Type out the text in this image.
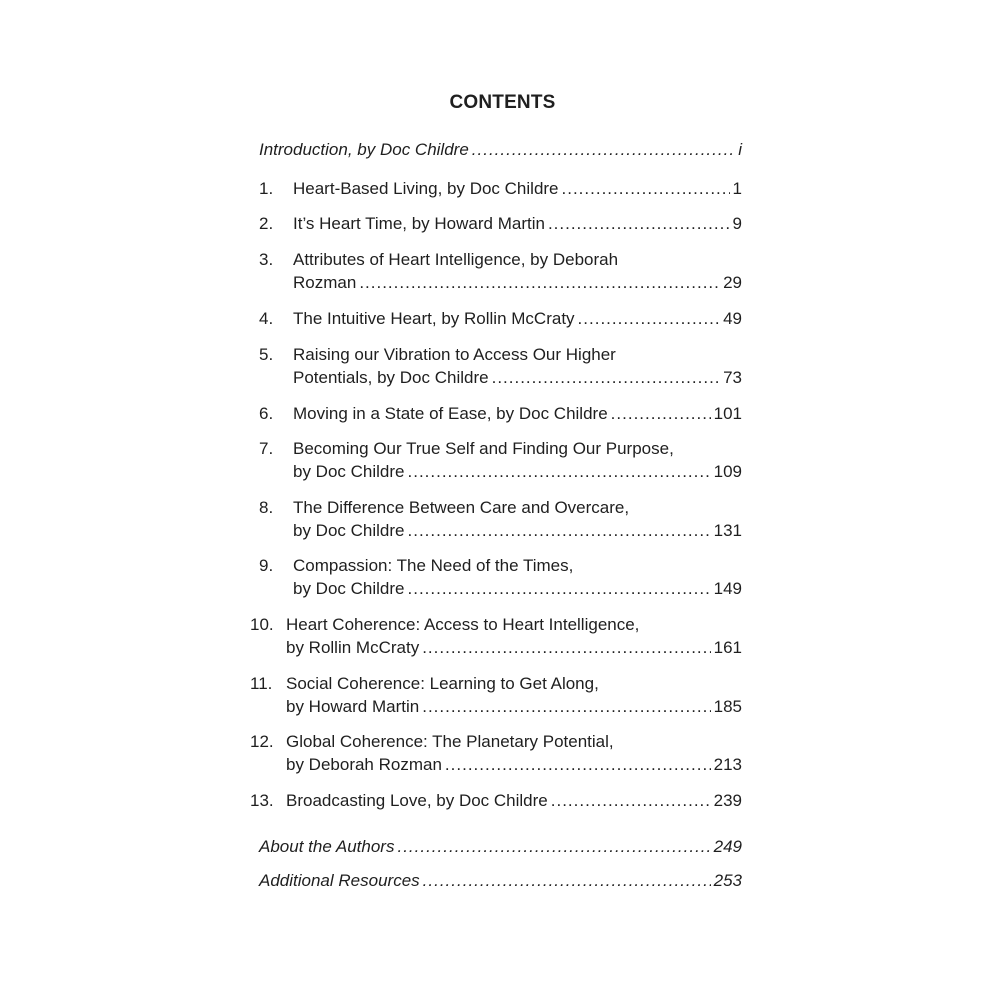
CONTENTS
Introduction, by Doc Childre .....	i
1.	Heart-Based Living, by Doc Childre .....	1
2.	It’s Heart Time, by Howard Martin .....	9
3.	Attributes of Heart Intelligence, by Deborah
Rozman .....	29
4.	The Intuitive Heart, by Rollin McCraty .....	49
5.	Raising our Vibration to Access Our Higher
Potentials, by Doc Childre .....	73
6.	Moving in a State of Ease, by Doc Childre .....	101
7.	Becoming Our True Self and Finding Our Purpose,
by Doc Childre .....	109
8.	The Difference Between Care and Overcare,
by Doc Childre .....	131
9.	Compassion: The Need of the Times,
by Doc Childre .....	149
10. Heart Coherence: Access to Heart Intelligence,
by Rollin McCraty .....	161
11. Social Coherence: Learning to Get Along,
by Howard Martin .....	185
12. Global Coherence: The Planetary Potential,
by Deborah Rozman .....	213
13. Broadcasting Love, by Doc Childre .....	239
About the Authors .....	249
Additional Resources .....	253
